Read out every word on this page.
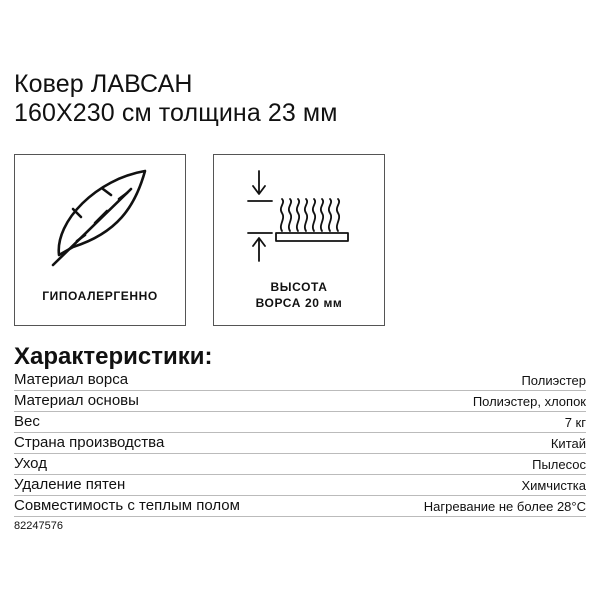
Ковер ЛАВСАН
160Х230 см толщина 23 мм
ГИПОАЛЕРГЕННО
ВЫСОТА
ВОРСА 20 мм
Характеристики:
Материал ворса	Полиэстер
Материал основы	Полиэстер, хлопок
Вес	7 кг
Страна производства	Китай
Уход	Пылесос
Удаление пятен	Химчистка
Совместимость с теплым полом	Нагревание не более 28°C
82247576
